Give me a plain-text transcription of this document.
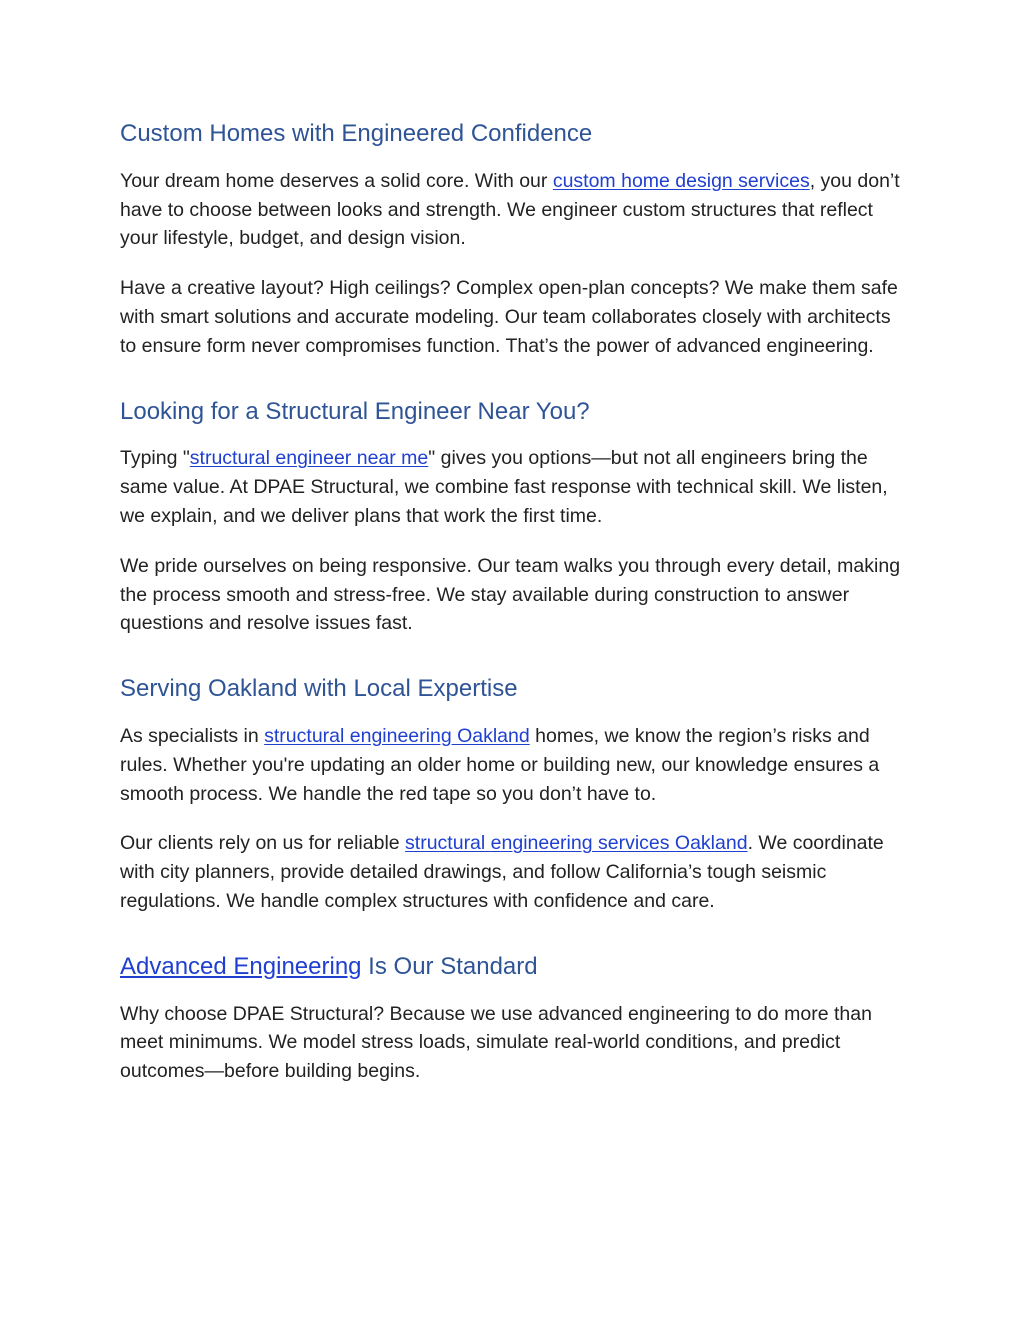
Custom Homes with Engineered Confidence

Your dream home deserves a solid core. With our custom home design services, you don’t have to choose between looks and strength. We engineer custom structures that reflect your lifestyle, budget, and design vision.

Have a creative layout? High ceilings? Complex open-plan concepts? We make them safe with smart solutions and accurate modeling. Our team collaborates closely with architects to ensure form never compromises function. That’s the power of advanced engineering.

Looking for a Structural Engineer Near You?

Typing "structural engineer near me" gives you options—but not all engineers bring the same value. At DPAE Structural, we combine fast response with technical skill. We listen, we explain, and we deliver plans that work the first time.

We pride ourselves on being responsive. Our team walks you through every detail, making the process smooth and stress-free. We stay available during construction to answer questions and resolve issues fast.

Serving Oakland with Local Expertise

As specialists in structural engineering Oakland homes, we know the region’s risks and rules. Whether you're updating an older home or building new, our knowledge ensures a smooth process. We handle the red tape so you don’t have to.

Our clients rely on us for reliable structural engineering services Oakland. We coordinate with city planners, provide detailed drawings, and follow California’s tough seismic regulations. We handle complex structures with confidence and care.

Advanced Engineering Is Our Standard

Why choose DPAE Structural? Because we use advanced engineering to do more than meet minimums. We model stress loads, simulate real-world conditions, and predict outcomes—before building begins.
